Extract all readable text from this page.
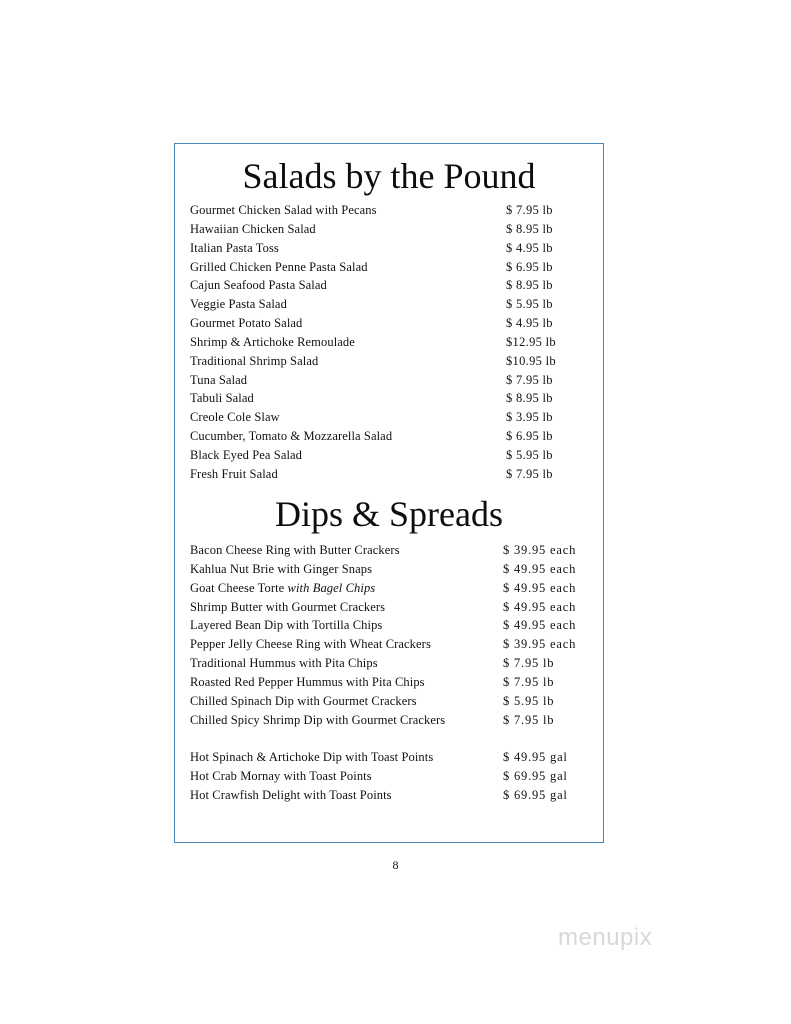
Salads by the Pound
Gourmet Chicken Salad with Pecans	$ 7.95 lb
Hawaiian Chicken Salad	$ 8.95 lb
Italian Pasta Toss	$ 4.95 lb
Grilled Chicken Penne Pasta Salad	$ 6.95 lb
Cajun Seafood Pasta Salad	$ 8.95 lb
Veggie Pasta Salad	$ 5.95 lb
Gourmet Potato Salad	$ 4.95 lb
Shrimp & Artichoke Remoulade	$12.95 lb
Traditional Shrimp Salad	$10.95 lb
Tuna Salad	$ 7.95 lb
Tabuli Salad	$ 8.95 lb
Creole Cole Slaw	$ 3.95 lb
Cucumber, Tomato & Mozzarella Salad	$ 6.95 lb
Black Eyed Pea Salad	$ 5.95 lb
Fresh Fruit Salad	$ 7.95 lb
Dips & Spreads
Bacon Cheese Ring with Butter Crackers	$ 39.95 each
Kahlua Nut Brie with Ginger Snaps	$ 49.95 each
Goat Cheese Torte with Bagel Chips	$ 49.95 each
Shrimp Butter with Gourmet Crackers	$ 49.95 each
Layered Bean Dip with Tortilla Chips	$ 49.95 each
Pepper Jelly Cheese Ring with Wheat Crackers	$ 39.95 each
Traditional Hummus with Pita Chips	$ 7.95 lb
Roasted Red Pepper Hummus with Pita Chips	$ 7.95 lb
Chilled Spinach Dip with Gourmet Crackers	$ 5.95 lb
Chilled Spicy Shrimp Dip with Gourmet Crackers	$ 7.95 lb
Hot Spinach & Artichoke Dip with Toast Points	$ 49.95 gal
Hot Crab Mornay with Toast Points	$ 69.95 gal
Hot Crawfish Delight with Toast Points	$ 69.95 gal
8
menupix
